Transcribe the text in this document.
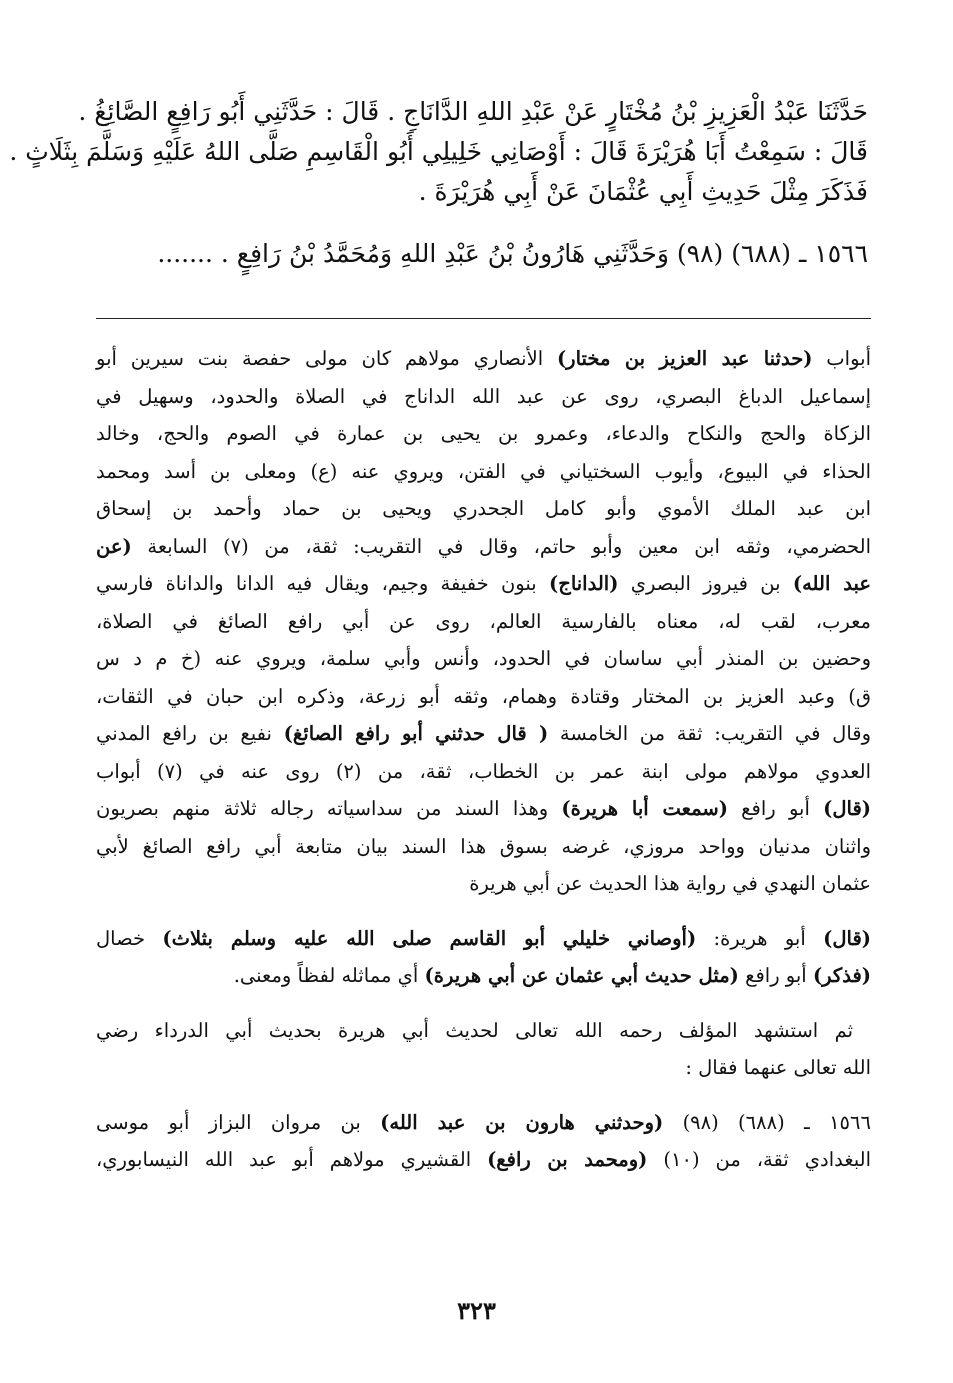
حَدَّثَنَا عَبْدُ الْعَزِيزِ بْنُ مُخْتَارٍ عَنْ عَبْدِ اللهِ الدَّانَاجِ . قَالَ : حَدَّثَنِي أَبُو رَافِعٍ الصَّائِغُ .
قَالَ : سَمِعْتُ أَبَا هُرَيْرَةَ قَالَ : أَوْصَانِي خَلِيلِي أَبُو الْقَاسِمِ صَلَّى اللهُ عَلَيْهِ وَسَلَّمَ بِثَلَاثٍ .
فَذَكَرَ مِثْلَ حَدِيثِ أَبِي عُثْمَانَ عَنْ أَبِي هُرَيْرَةَ .
١٥٦٦ ـ (٦٨٨) (٩٨) وَحَدَّثَنِي هَارُونُ بْنُ عَبْدِ اللهِ وَمُحَمَّدُ بْنُ رَافِعٍ . .......
أبواب (حدثنا عبد العزيز بن مختار) الأنصاري مولاهم كان مولى حفصة بنت سيرين أبو
إسماعيل الدباغ البصري، روى عن عبد الله الداناج في الصلاة والحدود، وسهيل في
الزكاة والحج والنكاح والدعاء، وعمرو بن يحيى بن عمارة في الصوم والحج، وخالد
الحذاء في البيوع، وأيوب السختياني في الفتن، ويروي عنه (ع) ومعلى بن أسد ومحمد
ابن عبد الملك الأموي وأبو كامل الجحدري ويحيى بن حماد وأحمد بن إسحاق
الحضرمي، وثقه ابن معين وأبو حاتم، وقال في التقريب: ثقة، من (٧) السابعة (عن
عبد الله) بن فيروز البصري (الداناج) بنون خفيفة وجيم، ويقال فيه الدانا والداناة فارسي
معرب، لقب له، معناه بالفارسية العالم، روى عن أبي رافع الصائغ في الصلاة،
وحضين بن المنذر أبي ساسان في الحدود، وأنس وأبي سلمة، ويروي عنه (خ م د س
ق) وعبد العزيز بن المختار وقتادة وهمام، وثقه أبو زرعة، وذكره ابن حبان في الثقات،
وقال في التقريب: ثقة من الخامسة ( قال حدثني أبو رافع الصائغ) نفيع بن رافع المدني
العدوي مولاهم مولى ابنة عمر بن الخطاب، ثقة، من (٢) روى عنه في (٧) أبواب
(قال) أبو رافع (سمعت أبا هريرة) وهذا السند من سداسياته رجاله ثلاثة منهم بصريون
واثنان مدنيان وواحد مروزي، غرضه بسوق هذا السند بيان متابعة أبي رافع الصائغ لأبي
عثمان النهدي في رواية هذا الحديث عن أبي هريرة
(قال) أبو هريرة: (أوصاني خليلي أبو القاسم صلى الله عليه وسلم بثلاث) خصال
(فذكر) أبو رافع (مثل حديث أبي عثمان عن أبي هريرة) أي مماثله لفظاً ومعنى.
ثم استشهد المؤلف رحمه الله تعالى لحديث أبي هريرة بحديث أبي الدرداء رضي
الله تعالى عنهما فقال :
١٥٦٦ ـ (٦٨٨) (٩٨) (وحدثني هارون بن عبد الله) بن مروان البزاز أبو موسى
البغدادي ثقة، من (١٠) (ومحمد بن رافع) القشيري مولاهم أبو عبد الله النيسابوري،
٣٢٣
